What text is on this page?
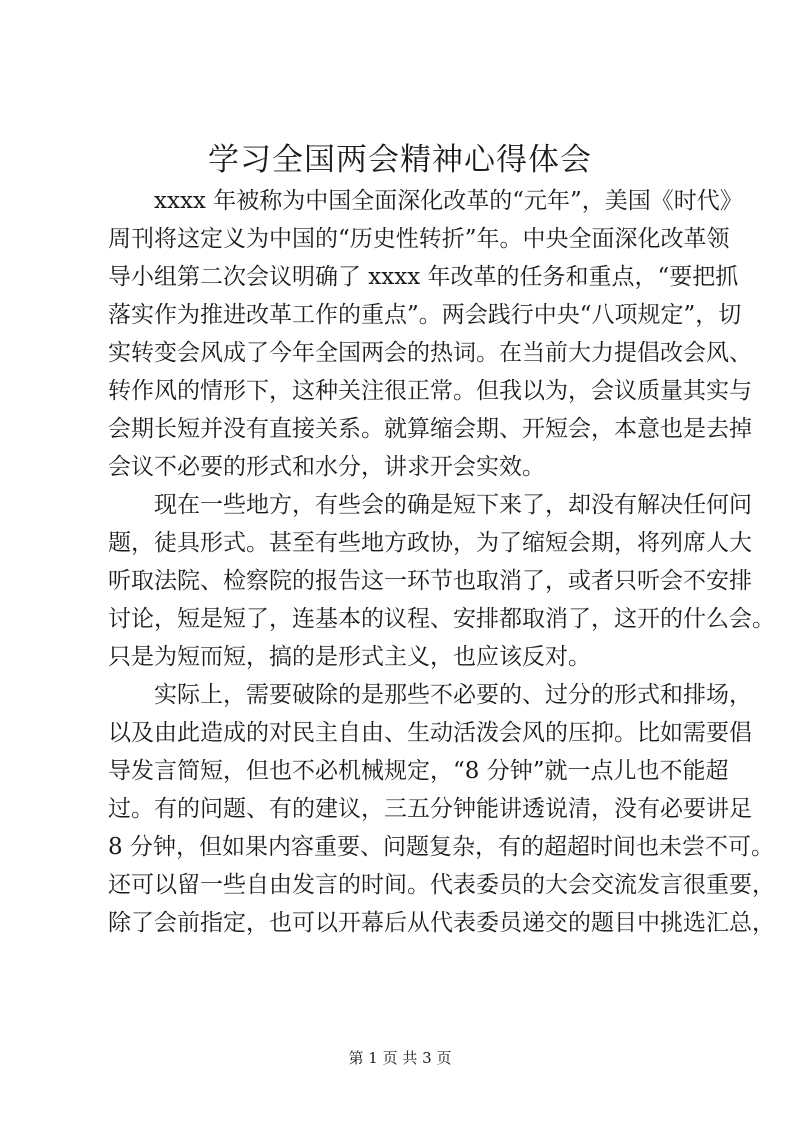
学习全国两会精神心得体会
xxxx 年被称为中国全面深化改革的“元年”，美国《时代》
周刊将这定义为中国的“历史性转折”年。中央全面深化改革领
导小组第二次会议明确了 xxxx 年改革的任务和重点，“要把抓
落实作为推进改革工作的重点”。两会践行中央“八项规定”，切
实转变会风成了今年全国两会的热词。在当前大力提倡改会风、
转作风的情形下，这种关注很正常。但我以为，会议质量其实与
会期长短并没有直接关系。就算缩会期、开短会，本意也是去掉
会议不必要的形式和水分，讲求开会实效。
现在一些地方，有些会的确是短下来了，却没有解决任何问
题，徒具形式。甚至有些地方政协，为了缩短会期，将列席人大
听取法院、检察院的报告这一环节也取消了，或者只听会不安排
讨论，短是短了，连基本的议程、安排都取消了，这开的什么会。
只是为短而短，搞的是形式主义，也应该反对。
实际上，需要破除的是那些不必要的、过分的形式和排场，
以及由此造成的对民主自由、生动活泼会风的压抑。比如需要倡
导发言简短，但也不必机械规定，“8 分钟”就一点儿也不能超
过。有的问题、有的建议，三五分钟能讲透说清，没有必要讲足
8 分钟，但如果内容重要、问题复杂，有的超超时间也未尝不可。
还可以留一些自由发言的时间。代表委员的大会交流发言很重要，
除了会前指定，也可以开幕后从代表委员递交的题目中挑选汇总，
第 1 页 共 3 页
